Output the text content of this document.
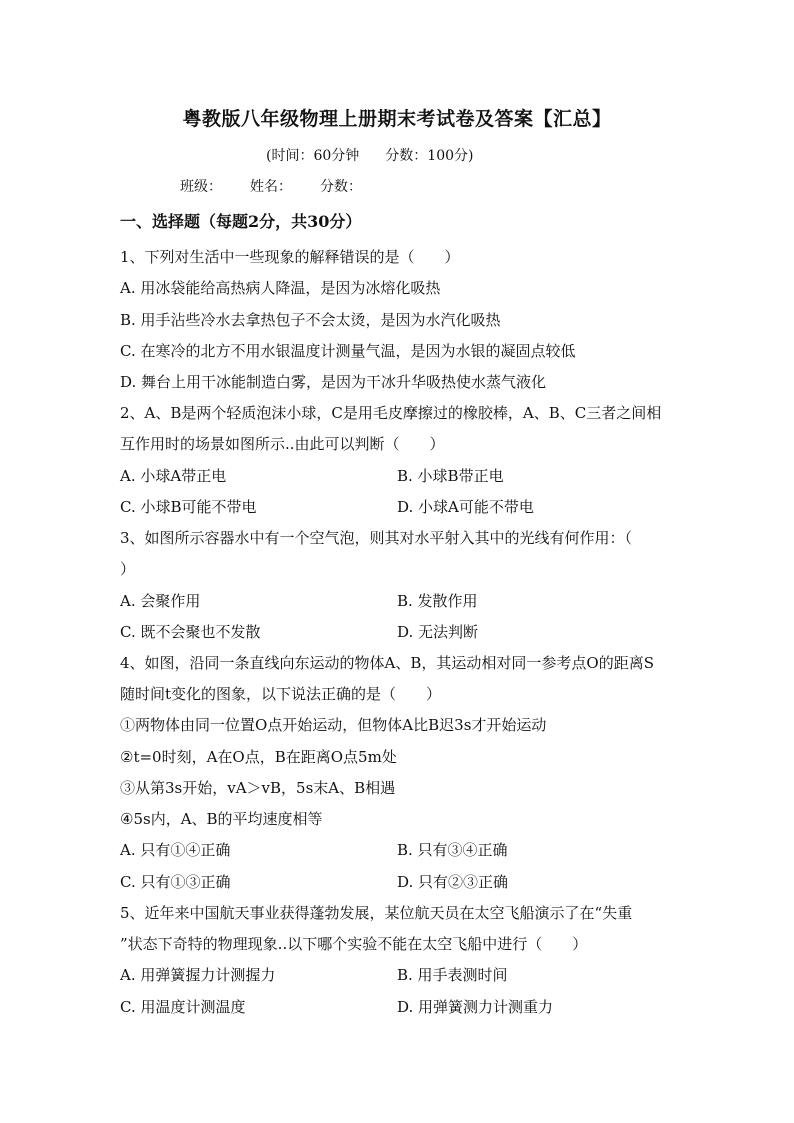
粤教版八年级物理上册期末考试卷及答案【汇总】
(时间：60分钟 分数：100分)
班级： 姓名： 分数：
一、选择题（每题2分，共30分）
1、下列对生活中一些现象的解释错误的是（　　）
A. 用冰袋能给高热病人降温，是因为冰熔化吸热
B. 用手沾些冷水去拿热包子不会太烫，是因为水汽化吸热
C. 在寒冷的北方不用水银温度计测量气温，是因为水银的凝固点较低
D. 舞台上用干冰能制造白雾，是因为干冰升华吸热使水蒸气液化
2、A、B是两个轻质泡沫小球，C是用毛皮摩擦过的橡胶棒，A、B、C三者之间相
互作用时的场景如图所示..由此可以判断（　　）
A. 小球A带正电	B. 小球B带正电
C. 小球B可能不带电	D. 小球A可能不带电
3、如图所示容器水中有一个空气泡，则其对水平射入其中的光线有何作用：（
）
A. 会聚作用	B. 发散作用
C. 既不会聚也不发散	D. 无法判断
4、如图，沿同一条直线向东运动的物体A、B，其运动相对同一参考点O的距离S
随时间t变化的图象，以下说法正确的是（　　）
①两物体由同一位置O点开始运动，但物体A比B迟3s才开始运动
②t=0时刻，A在O点，B在距离O点5m处
③从第3s开始，vA＞vB，5s末A、B相遇
④5s内，A、B的平均速度相等
A. 只有①④正确	B. 只有③④正确
C. 只有①③正确	D. 只有②③正确
5、近年来中国航天事业获得蓬勃发展，某位航天员在太空飞船演示了在“失重
”状态下奇特的物理现象..以下哪个实验不能在太空飞船中进行（　　）
A. 用弹簧握力计测握力	B. 用手表测时间
C. 用温度计测温度	D. 用弹簧测力计测重力
